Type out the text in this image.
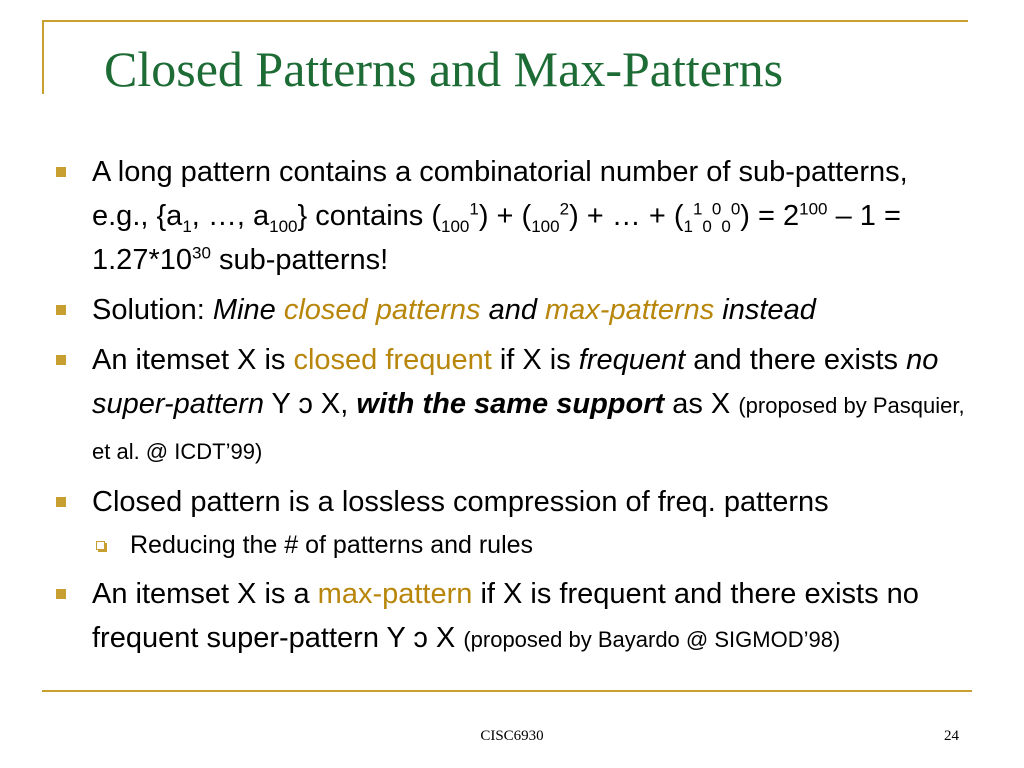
Closed Patterns and Max-Patterns
A long pattern contains a combinatorial number of sub-patterns, e.g., {$a_1$, …, $a_{100}$} contains $(_{100}^1) + (_{100}^2)$ + … + $(_1^1_0^0_0^0) = 2^{100} - 1 = 1.27*10^{30}$ sub-patterns!
Solution: Mine closed patterns and max-patterns instead
An itemset X is closed frequent if X is frequent and there exists no super-pattern Y ɔ X, with the same support as X (proposed by Pasquier, et al. @ ICDT’99)
Closed pattern is a lossless compression of freq. patterns
Reducing the # of patterns and rules
An itemset X is a max-pattern if X is frequent and there exists no frequent super-pattern Y ɔ X (proposed by Bayardo @ SIGMOD’98)
CISC6930	24
